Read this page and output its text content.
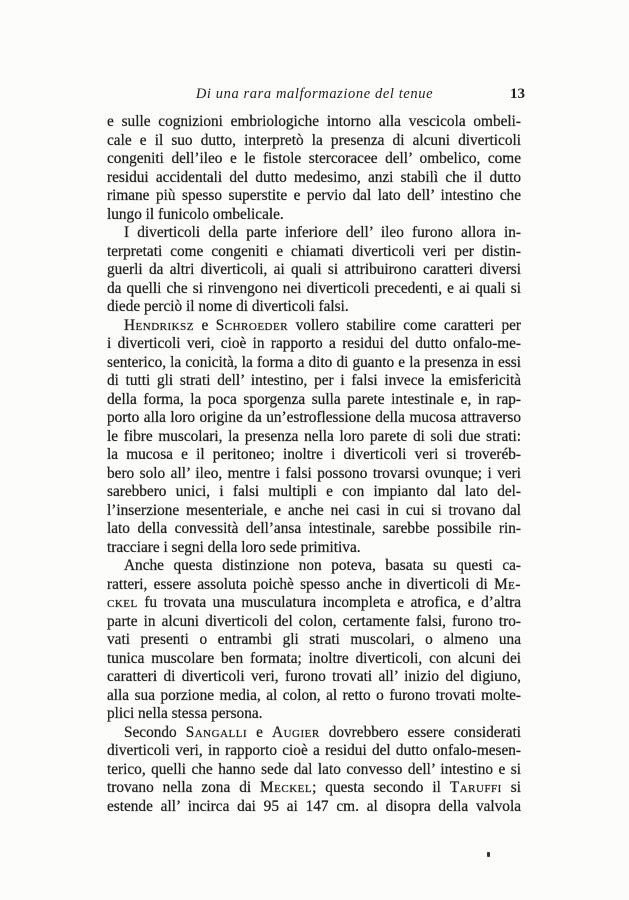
Di una rara malformazione del tenue	13
e sulle cognizioni embriologiche intorno alla vescicola ombeli-
cale e il suo dutto, interpretò la presenza di alcuni diverticoli
congeniti dell’ileo e le fistole stercoracee dell’ ombelico, come
residui accidentali del dutto medesimo, anzi stabilì che il dutto
rimane più spesso superstite e pervio dal lato dell’ intestino che
lungo il funicolo ombelicale.
I diverticoli della parte inferiore dell’ ileo furono allora in-
terpretati come congeniti e chiamati diverticoli veri per distin-
guerli da altri diverticoli, ai quali si attribuirono caratteri diversi
da quelli che si rinvengono nei diverticoli precedenti, e ai quali si
diede perciò il nome di diverticoli falsi.
Hendriksz e Schroeder vollero stabilire come caratteri per
i diverticoli veri, cioè in rapporto a residui del dutto onfalo-me-
senterico, la conicità, la forma a dito di guanto e la presenza in essi
di tutti gli strati dell’ intestino, per i falsi invece la emisfericità
della forma, la poca sporgenza sulla parete intestinale e, in rap-
porto alla loro origine da un’estroflessione della mucosa attraverso
le fibre muscolari, la presenza nella loro parete di soli due strati:
la mucosa e il peritoneo; inoltre i diverticoli veri si troveréb-
bero solo all’ ileo, mentre i falsi possono trovarsi ovunque; i veri
sarebbero unici, i falsi multipli e con impianto dal lato del-
l’inserzione mesenteriale, e anche nei casi in cui si trovano dal
lato della convessità dell’ansa intestinale, sarebbe possibile rin-
tracciare i segni della loro sede primitiva.
Anche questa distinzione non poteva, basata su questi ca-
ratteri, essere assoluta poichè spesso anche in diverticoli di Me-
ckel fu trovata una musculatura incompleta e atrofica, e d’altra
parte in alcuni diverticoli del colon, certamente falsi, furono tro-
vati presenti o entrambi gli strati muscolari, o almeno una
tunica muscolare ben formata; inoltre diverticoli, con alcuni dei
caratteri di diverticoli veri, furono trovati all’ inizio del digiuno,
alla sua porzione media, al colon, al retto o furono trovati molte-
plici nella stessa persona.
Secondo Sangalli e Augier dovrebbero essere considerati
diverticoli veri, in rapporto cioè a residui del dutto onfalo-mesen-
terico, quelli che hanno sede dal lato convesso dell’ intestino e si
trovano nella zona di Meckel; questa secondo il Taruffi si
estende all’ incirca dai 95 ai 147 cm. al disopra della valvola
